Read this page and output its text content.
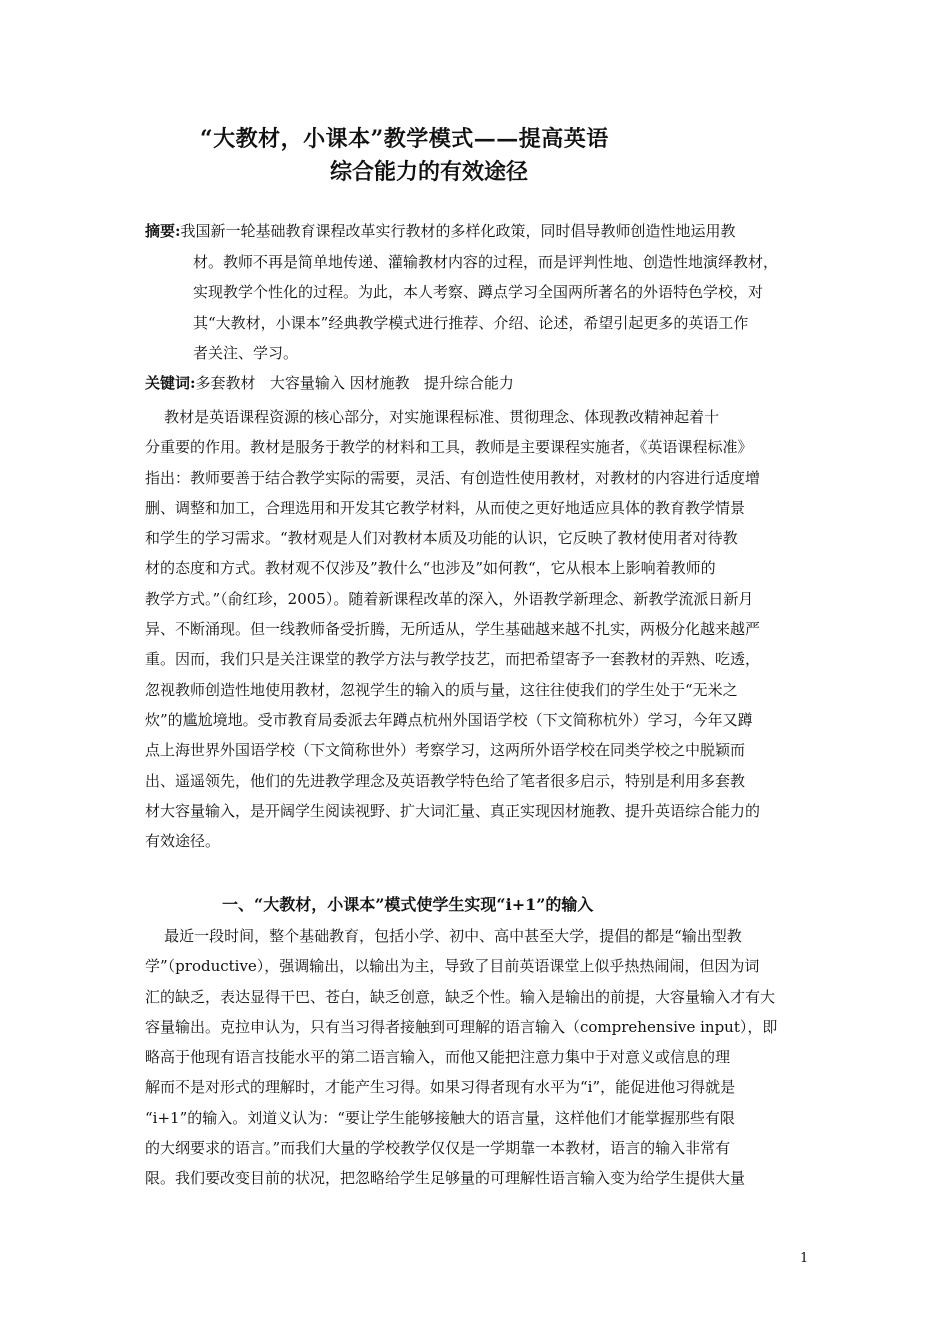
“大教材，小课本”教学模式——提高英语
综合能力的有效途径
摘要:我国新一轮基础教育课程改革实行教材的多样化政策，同时倡导教师创造性地运用教
材。教师不再是简单地传递、灌输教材内容的过程，而是评判性地、创造性地演绎教材，
实现教学个性化的过程。为此，本人考察、蹲点学习全国两所著名的外语特色学校，对
其“大教材，小课本”经典教学模式进行推荐、介绍、论述，希望引起更多的英语工作
者关注、学习。
关键词:多套教材   大容量输入 因材施教   提升综合能力
教材是英语课程资源的核心部分，对实施课程标准、贯彻理念、体现教改精神起着十
分重要的作用。教材是服务于教学的材料和工具，教师是主要课程实施者，《英语课程标准》
指出：教师要善于结合教学实际的需要，灵活、有创造性使用教材，对教材的内容进行适度增
删、调整和加工，合理选用和开发其它教学材料，从而使之更好地适应具体的教育教学情景
和学生的学习需求。“教材观是人们对教材本质及功能的认识，它反映了教材使用者对待教
材的态度和方式。教材观不仅涉及”教什么“也涉及”如何教“，它从根本上影响着教师的
教学方式。”（俞红珍，2005）。随着新课程改革的深入，外语教学新理念、新教学流派日新月
异、不断涌现。但一线教师备受折腾，无所适从，学生基础越来越不扎实，两极分化越来越严
重。因而，我们只是关注课堂的教学方法与教学技艺，而把希望寄予一套教材的弄熟、吃透，
忽视教师创造性地使用教材，忽视学生的输入的质与量，这往往使我们的学生处于“无米之
炊”的尴尬境地。受市教育局委派去年蹲点杭州外国语学校（下文简称杭外）学习，今年又蹲
点上海世界外国语学校（下文简称世外）考察学习，这两所外语学校在同类学校之中脱颖而
出、遥遥领先，他们的先进教学理念及英语教学特色给了笔者很多启示，特别是利用多套教
材大容量输入，是开阔学生阅读视野、扩大词汇量、真正实现因材施教、提升英语综合能力的
有效途径。
一、“大教材，小课本”模式使学生实现“i+1”的输入
最近一段时间，整个基础教育，包括小学、初中、高中甚至大学，提倡的都是“输出型教
学”（productive），强调输出，以输出为主，导致了目前英语课堂上似乎热热闹闹，但因为词
汇的缺乏，表达显得干巴、苍白，缺乏创意，缺乏个性。输入是输出的前提，大容量输入才有大
容量输出。克拉申认为，只有当习得者接触到可理解的语言输入（comprehensive input），即
略高于他现有语言技能水平的第二语言输入，而他又能把注意力集中于对意义或信息的理
解而不是对形式的理解时，才能产生习得。如果习得者现有水平为“i”，能促进他习得就是
“i+1”的输入。刘道义认为：“要让学生能够接触大的语言量，这样他们才能掌握那些有限
的大纲要求的语言。”而我们大量的学校教学仅仅是一学期靠一本教材，语言的输入非常有
限。我们要改变目前的状况，把忽略给学生足够量的可理解性语言输入变为给学生提供大量
1
